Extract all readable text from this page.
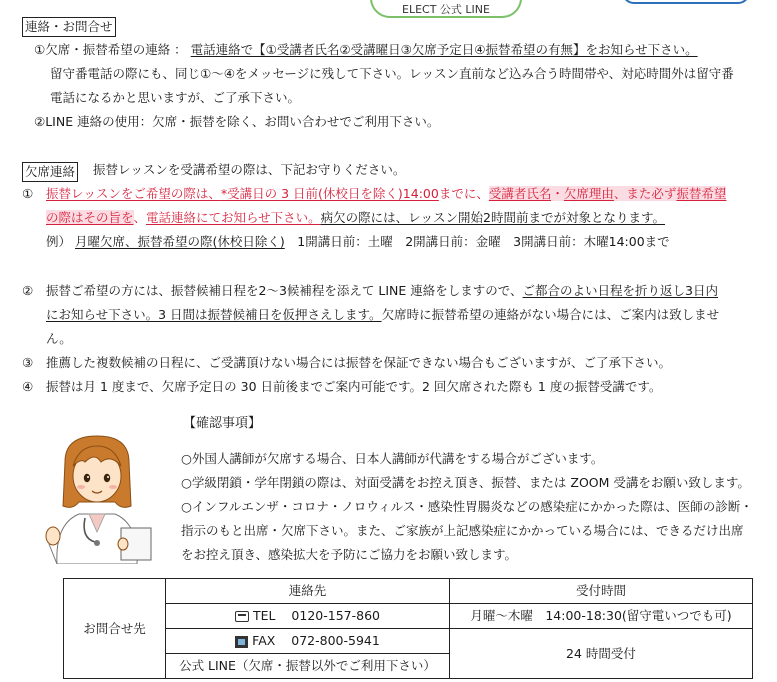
ELECT 公式 LINE
連絡・お問合せ
①欠席・振替希望の連絡 ： 電話連絡で【①受講者氏名②受講曜日③欠席予定日④振替希望の有無】をお知らせ下さい。
留守番電話の際にも、同じ①～④をメッセージに残して下さい。レッスン直前など込み合う時間帯や、対応時間外は留守番
電話になるかと思いますが、ご了承下さい。
②LINE 連絡の使用：欠席・振替を除く、お問い合わせでご利用下さい。
欠席連絡 振替レッスンを受講希望の際は、下記お守りください。
① 振替レッスンをご希望の際は、*受講日の 3 日前(休校日を除く)14:00までに、受講者氏名・欠席理由、また必ず振替希望
の際はその旨を、電話連絡にてお知らせ下さい。病欠の際には、レッスン開始2時間前までが対象となります。
例） 月曜欠席、振替希望の際(休校日除く)　1開講日前：土曜　2開講日前：金曜　3開講日前：木曜14:00まで
② 振替ご希望の方には、振替候補日程を2～3候補程を添えて LINE 連絡をしますので、ご都合のよい日程を折り返し3日内
にお知らせ下さい。3 日間は振替候補日を仮押さえします。欠席時に振替希望の連絡がない場合には、ご案内は致しませ
ん。
③ 推薦した複数候補の日程に、ご受講頂けない場合には振替を保証できない場合もございますが、ご了承下さい。
④ 振替は月 1 度まで、欠席予定日の 30 日前後までご案内可能です。2 回欠席された際も 1 度の振替受講です。
【確認事項】
○外国人講師が欠席する場合、日本人講師が代講をする場合がございます。
○学級閉鎖・学年閉鎖の際は、対面受講をお控え頂き、振替、または ZOOM 受講をお願い致します。
○インフルエンザ・コロナ・ノロウィルス・感染性胃腸炎などの感染症にかかった際は、医師の診断・
指示のもと出席・欠席下さい。また、ご家族が上記感染症にかかっている場合には、できるだけ出席
をお控え頂き、感染拡大を予防にご協力をお願い致します。
お問合せ先	連絡先	受付時間
	TEL 0120-157-860	月曜～木曜　14:00-18:30(留守電いつでも可)
	FAX 072-800-5941	24 時間受付
	公式 LINE（欠席・振替以外でご利用下さい）	
